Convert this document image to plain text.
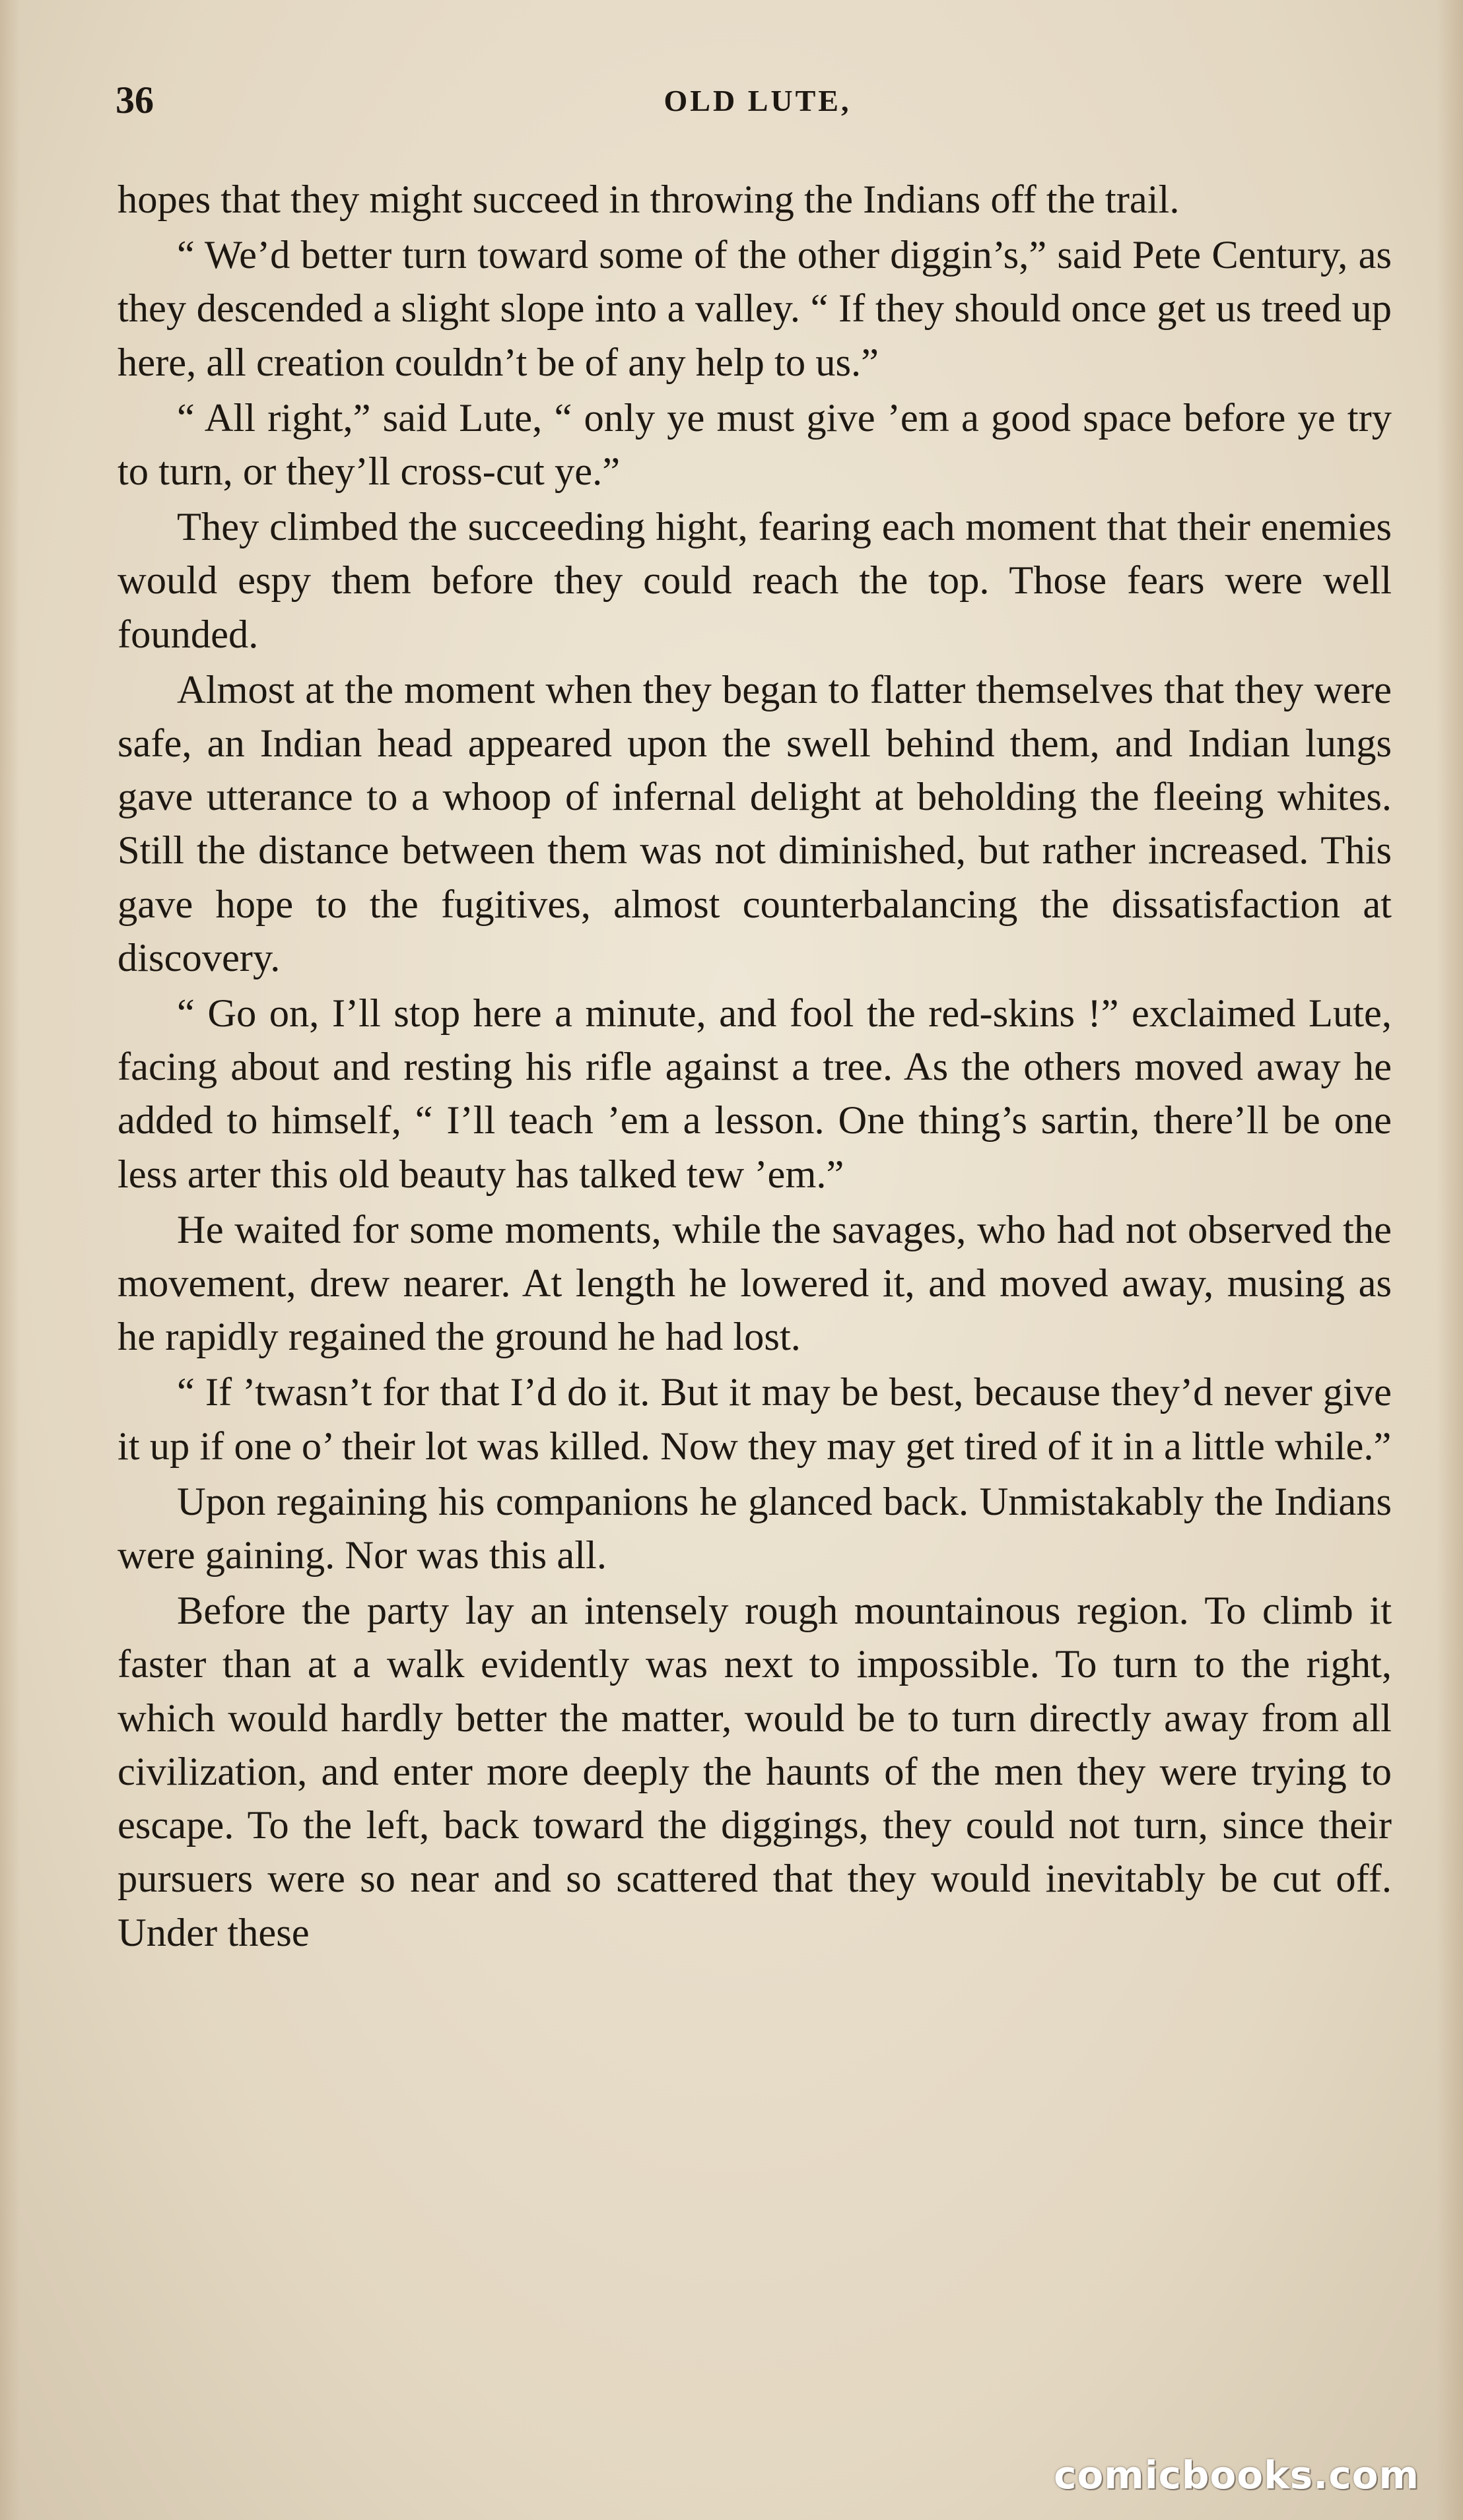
36	OLD LUTE,

hopes that they might succeed in throwing the Indians off the trail.

“ We’d better turn toward some of the other diggin’s,” said Pete Century, as they descended a slight slope into a valley. “ If they should once get us treed up here, all creation couldn’t be of any help to us.”

“ All right,” said Lute, “ only ye must give ’em a good space before ye try to turn, or they’ll cross-cut ye.”

They climbed the succeeding hight, fearing each moment that their enemies would espy them before they could reach the top. Those fears were well founded.

Almost at the moment when they began to flatter themselves that they were safe, an Indian head appeared upon the swell behind them, and Indian lungs gave utterance to a whoop of infernal delight at beholding the fleeing whites. Still the distance between them was not diminished, but rather increased. This gave hope to the fugitives, almost counterbalancing the dissatisfaction at discovery.

“ Go on, I’ll stop here a minute, and fool the red-skins !” exclaimed Lute, facing about and resting his rifle against a tree. As the others moved away he added to himself, “ I’ll teach ’em a lesson. One thing’s sartin, there’ll be one less arter this old beauty has talked tew ’em.”

He waited for some moments, while the savages, who had not observed the movement, drew nearer. At length he lowered it, and moved away, musing as he rapidly regained the ground he had lost.

“ If ’twasn’t for that I’d do it. But it may be best, because they’d never give it up if one o’ their lot was killed. Now they may get tired of it in a little while.”

Upon regaining his companions he glanced back. Unmistakably the Indians were gaining. Nor was this all.

Before the party lay an intensely rough mountainous region. To climb it faster than at a walk evidently was next to impossible. To turn to the right, which would hardly better the matter, would be to turn directly away from all civilization, and enter more deeply the haunts of the men they were trying to escape. To the left, back toward the diggings, they could not turn, since their pursuers were so near and so scattered that they would inevitably be cut off. Under these

comicbooks.com
